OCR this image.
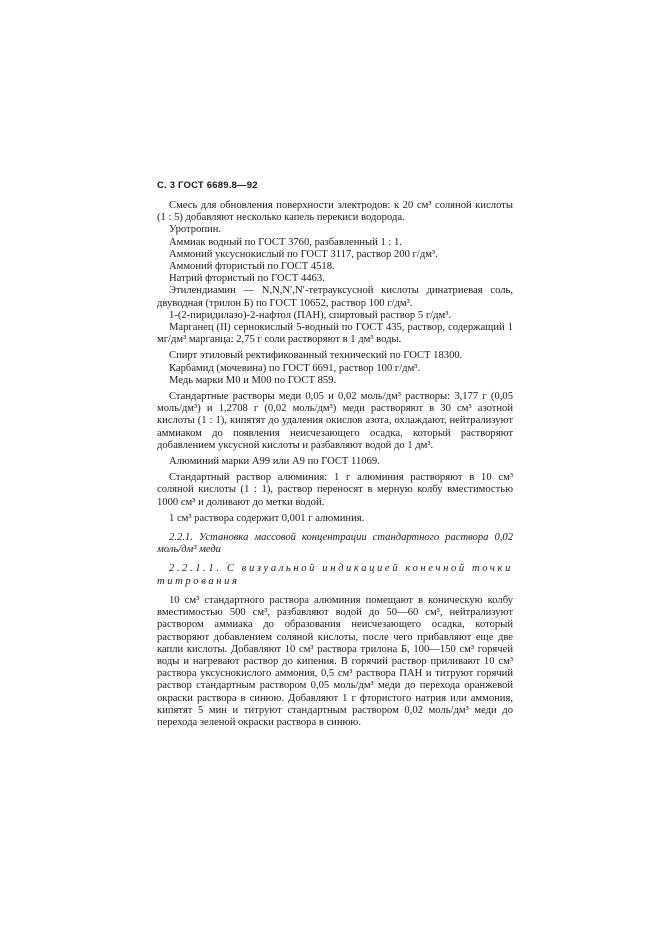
С. 3 ГОСТ 6689.8—92

Смесь для обновления поверхности электродов: к 20 см³ соляной кислоты (1 : 5) добавляют несколько капель перекиси водорода.

Уротропин.

Аммиак водный по ГОСТ 3760, разбавленный 1 : 1.

Аммоний уксуснокислый по ГОСТ 3117, раствор 200 г/дм³.

Аммоний фтористый по ГОСТ 4518.

Натрий фтористый по ГОСТ 4463.

Этилендиамин — N,N,N′,N′-тетрауксусной кислоты динатриевая соль, двуводная (трилон Б) по ГОСТ 10652, раствор 100 г/дм³.

1-(2-пиридилазо)-2-нафтол (ПАН), спиртовый раствор 5 г/дм³.

Марганец (II) сернокислый 5-водный по ГОСТ 435, раствор, содержащий 1 мг/дм³ марганца: 2,75 г соли растворяют в 1 дм³ воды.

Спирт этиловый ректификованный технический по ГОСТ 18300.

Карбамид (мочевина) по ГОСТ 6691, раствор 100 г/дм³.

Медь марки М0 и М00 по ГОСТ 859.

Стандартные растворы меди 0,05 и 0,02 моль/дм³ растворы: 3,177 г (0,05 моль/дм³) и 1,2708 г (0,02 моль/дм³) меди растворяют в 30 см³ азотной кислоты (1 : 1), кипятят до удаления окислов азота, охлаждают, нейтрализуют аммиаком до появления неисчезающего осадка, который растворяют добавлением уксусной кислоты и разбавляют водой до 1 дм³.

Алюминий марки А99 или А9 по ГОСТ 11069.

Стандартный раствор алюминия: 1 г алюминия растворяют в 10 см³ соляной кислоты (1 : 1), раствор переносят в мерную колбу вместимостью 1000 см³ и доливают до метки водой.

1 см³ раствора содержит 0,001 г алюминия.

2.2.1. Установка массовой концентрации стандартного раствора 0,02 моль/дм³ меди

2.2.1.1. С визуальной индикацией конечной точки титрования

10 см³ стандартного раствора алюминия помещают в коническую колбу вместимостью 500 см³, разбавляют водой до 50—60 см³, нейтрализуют раствором аммиака до образования неисчезающего осадка, который растворяют добавлением соляной кислоты, после чего прибавляют еще две капли кислоты. Добавляют 10 см³ раствора трилона Б, 100—150 см³ горячей воды и нагревают раствор до кипения. В горячий раствор приливают 10 см³ раствора уксуснокислого аммония, 0,5 см³ раствора ПАН и титруют горячий раствор стандартным раствором 0,05 моль/дм³ меди до перехода оранжевой окраски раствора в синюю. Добавляют 1 г фтористого натрия или аммония, кипятят 5 мин и титруют стандартным раствором 0,02 моль/дм³ меди до перехода зеленой окраски раствора в синюю.
